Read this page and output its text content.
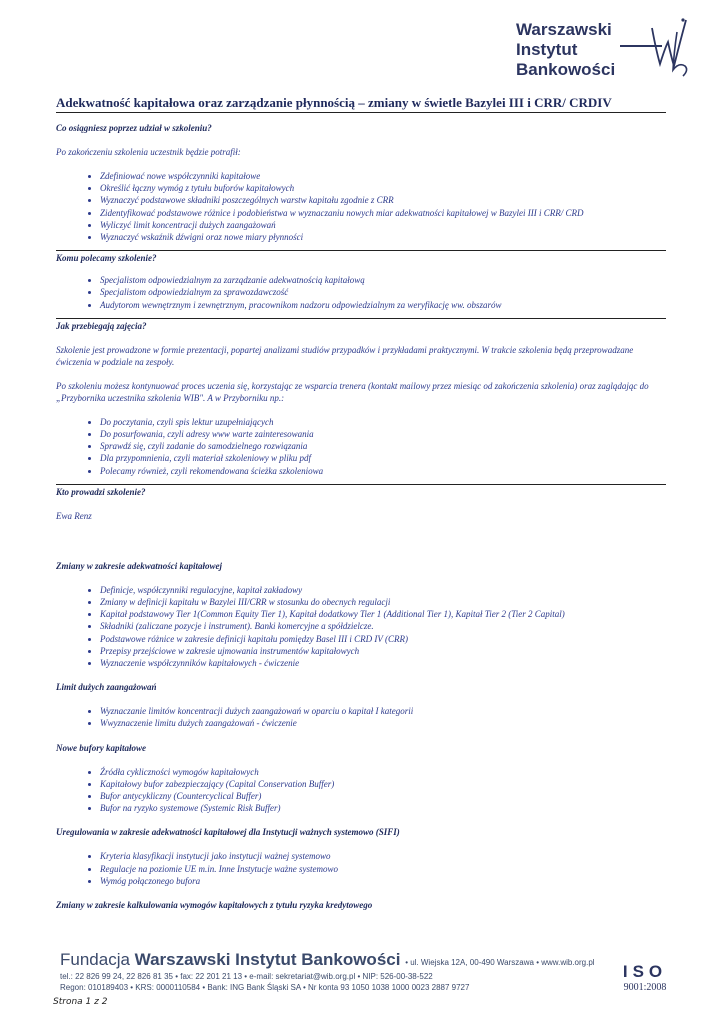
Warszawski
Instytut
Bankowości
Adekwatność kapitałowa oraz zarządzanie płynnością – zmiany w świetle Bazylei III i CRR/ CRDIV

Co osiągniesz poprzez udział w szkoleniu?

Po zakończeniu szkolenia uczestnik będzie potrafił:

• Zdefiniować nowe współczynniki kapitałowe
• Określić łączny wymóg z tytułu buforów kapitałowych
• Wyznaczyć podstawowe składniki poszczególnych warstw kapitału zgodnie z CRR
• Zidentyfikować podstawowe różnice i podobieństwa w wyznaczaniu nowych miar adekwatności kapitałowej w Bazylei III i CRR/ CRD
• Wyliczyć limit koncentracji dużych zaangażowań
• Wyznaczyć wskaźnik dźwigni oraz nowe miary płynności

Komu polecamy szkolenie?

• Specjalistom odpowiedzialnym za zarządzanie adekwatnością kapitałową
• Specjalistom odpowiedzialnym za sprawozdawczość
• Audytorom wewnętrznym i zewnętrznym, pracownikom nadzoru odpowiedzialnym za weryfikację ww. obszarów

Jak przebiegają zajęcia?

Szkolenie jest prowadzone w formie prezentacji, popartej analizami studiów przypadków i przykładami praktycznymi. W trakcie szkolenia będą przeprowadzane ćwiczenia w podziale na zespoły.

Po szkoleniu możesz kontynuować proces uczenia się, korzystając ze wsparcia trenera (kontakt mailowy przez miesiąc od zakończenia szkolenia) oraz zaglądając do „Przybornika uczestnika szkolenia WIB". A w Przyborniku np.:

• Do poczytania, czyli spis lektur uzupełniających
• Do posurfowania, czyli adresy www warte zainteresowania
• Sprawdź się, czyli zadanie do samodzielnego rozwiązania
• Dla przypomnienia, czyli materiał szkoleniowy w pliku pdf
• Polecamy również, czyli rekomendowana ścieżka szkoleniowa

Kto prowadzi szkolenie?

Ewa Renz

Zmiany w zakresie adekwatności kapitałowej

• Definicje, współczynniki regulacyjne, kapitał zakładowy
• Zmiany w definicji kapitału w Bazylei III/CRR w stosunku do obecnych regulacji
• Kapitał podstawowy Tier 1(Common Equity Tier 1), Kapitał dodatkowy Tier 1 (Additional Tier 1), Kapitał Tier 2 (Tier 2 Capital)
• Składniki (zaliczane pozycje i instrument). Banki komercyjne a spółdzielcze.
• Podstawowe różnice w zakresie definicji kapitału pomiędzy Basel III i CRD IV (CRR)
• Przepisy przejściowe w zakresie ujmowania instrumentów kapitałowych
• Wyznaczenie współczynników kapitałowych - ćwiczenie

Limit dużych zaangażowań

• Wyznaczanie limitów koncentracji dużych zaangażowań w oparciu o kapitał I kategorii
• Wwyznaczenie limitu dużych zaangażowań - ćwiczenie

Nowe bufory kapitałowe

• Źródła cykliczności wymogów kapitałowych
• Kapitałowy bufor zabezpieczający (Capital Conservation Buffer)
• Bufor antycykliczny (Countercyclical Buffer)
• Bufor na ryzyko systemowe (Systemic Risk Buffer)

Uregulowania w zakresie adekwatności kapitałowej dla Instytucji ważnych systemowo (SIFI)

• Kryteria klasyfikacji instytucji jako instytucji ważnej systemowo
• Regulacje na poziomie UE m.in. Inne Instytucje ważne systemowo
• Wymóg połączonego bufora

Zmiany w zakresie kalkulowania wymogów kapitałowych z tytułu ryzyka kredytowego

Fundacja Warszawski Instytut Bankowości • ul. Wiejska 12A, 00-490 Warszawa • www.wib.org.pl
tel.: 22 826 99 24, 22 826 81 35 • fax: 22 201 21 13 • e-mail: sekretariat@wib.org.pl • NIP: 526-00-38-522
Regon: 010189403 • KRS: 0000110584 • Bank: ING Bank Śląski SA • Nr konta 93 1050 1038 1000 0023 2887 9727
ISO
9001:2008
Strona 1 z 2
